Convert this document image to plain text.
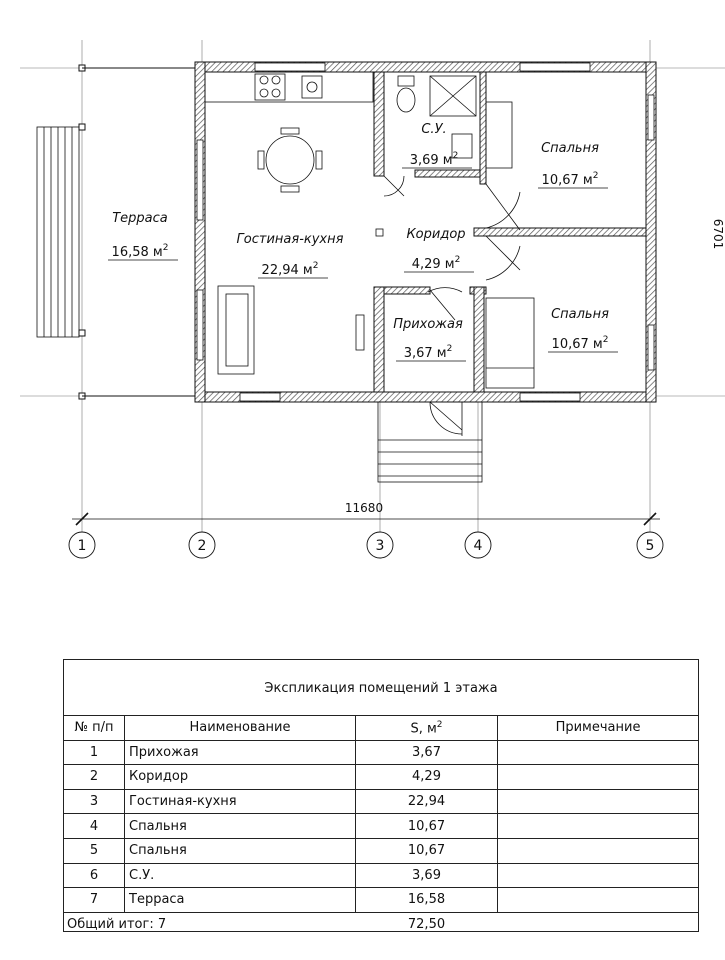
Терраса
16,58 $м^2$
Гостиная-кухня
22,94 $м^2$
С.У.
3,69 $м^2$	Спальня
10,67 $м^2$
Коридор
4,29 $м^2$
Прихожая
3,67 $м^2$
Спальня
10,67 $м^2$
11680
6701
1	2	3	4	5
Экспликация помещений 1 этажа
№ п/п	Наименование	S, $м^2$	Примечание
1	Прихожая	3,67	
2	Коридор	4,29	
3	Гостиная-кухня	22,94	
4	Спальня	10,67	
5	Спальня	10,67	
6	С.У.	3,69	
7	Терраса	16,58	
Общий итог: 7		72,50	
